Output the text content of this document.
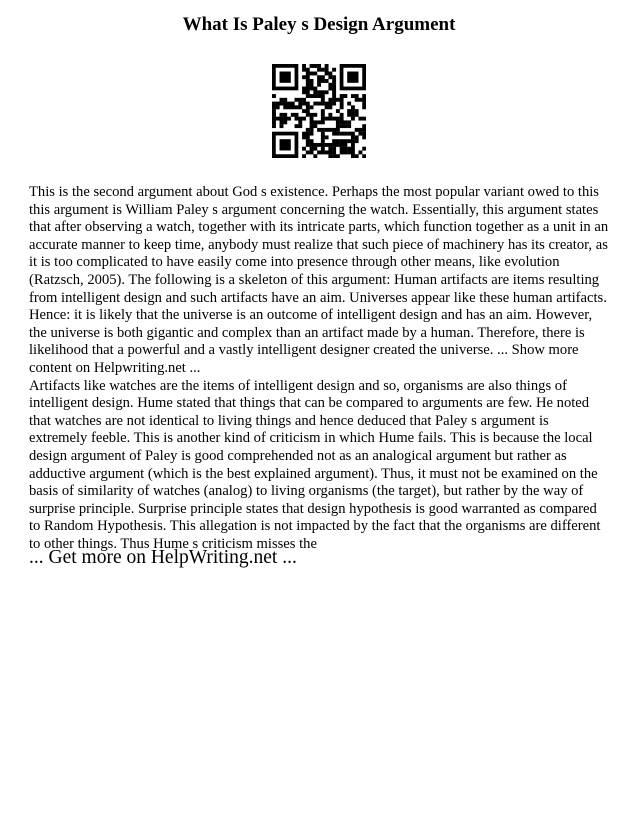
What Is Paley s Design Argument

This is the second argument about God s existence. Perhaps the most popular variant owed to this this argument is William Paley s argument concerning the watch. Essentially, this argument states that after observing a watch, together with its intricate parts, which function together as a unit in an accurate manner to keep time, anybody must realize that such piece of machinery has its creator, as it is too complicated to have easily come into presence through other means, like evolution (Ratzsch, 2005). The following is a skeleton of this argument: Human artifacts are items resulting from intelligent design and such artifacts have an aim. Universes appear like these human artifacts. Hence: it is likely that the universe is an outcome of intelligent design and has an aim. However, the universe is both gigantic and complex than an artifact made by a human. Therefore, there is likelihood that a powerful and a vastly intelligent designer created the universe. ... Show more content on Helpwriting.net ...

Artifacts like watches are the items of intelligent design and so, organisms are also things of intelligent design. Hume stated that things that can be compared to arguments are few. He noted that watches are not identical to living things and hence deduced that Paley s argument is extremely feeble. This is another kind of criticism in which Hume fails. This is because the local design argument of Paley is good comprehended not as an analogical argument but rather as adductive argument (which is the best explained argument). Thus, it must not be examined on the basis of similarity of watches (analog) to living organisms (the target), but rather by the way of surprise principle. Surprise principle states that design hypothesis is good warranted as compared to Random Hypothesis. This allegation is not impacted by the fact that the organisms are different to other things. Thus Hume s criticism misses the

... Get more on HelpWriting.net ...
